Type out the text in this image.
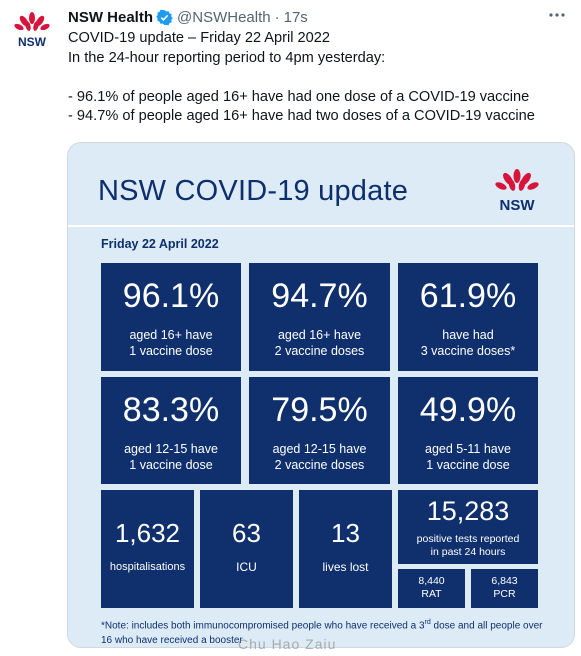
NSW
NSW Health @NSWHealth · 17s
COVID-19 update – Friday 22 April 2022
In the 24-hour reporting period to 4pm yesterday:
- 96.1% of people aged 16+ have had one dose of a COVID-19 vaccine
- 94.7% of people aged 16+ have had two doses of a COVID-19 vaccine
NSW COVID-19 update	NSW
Friday 22 April 2022
96.1%
aged 16+ have
1 vaccine dose
94.7%
aged 16+ have
2 vaccine doses
61.9%
have had
3 vaccine doses*
83.3%
aged 12-15 have
1 vaccine dose
79.5%
aged 12-15 have
2 vaccine doses
49.9%
aged 5-11 have
1 vaccine dose
1,632
hospitalisations
63
ICU
13
lives lost
15,283
positive tests reported
in past 24 hours
8,440
RAT
6,843
PCR
*Note: includes both immunocompromised people who have received a 3rd dose and all people over 16 who have received a booster
Chu Hao Zaiu
